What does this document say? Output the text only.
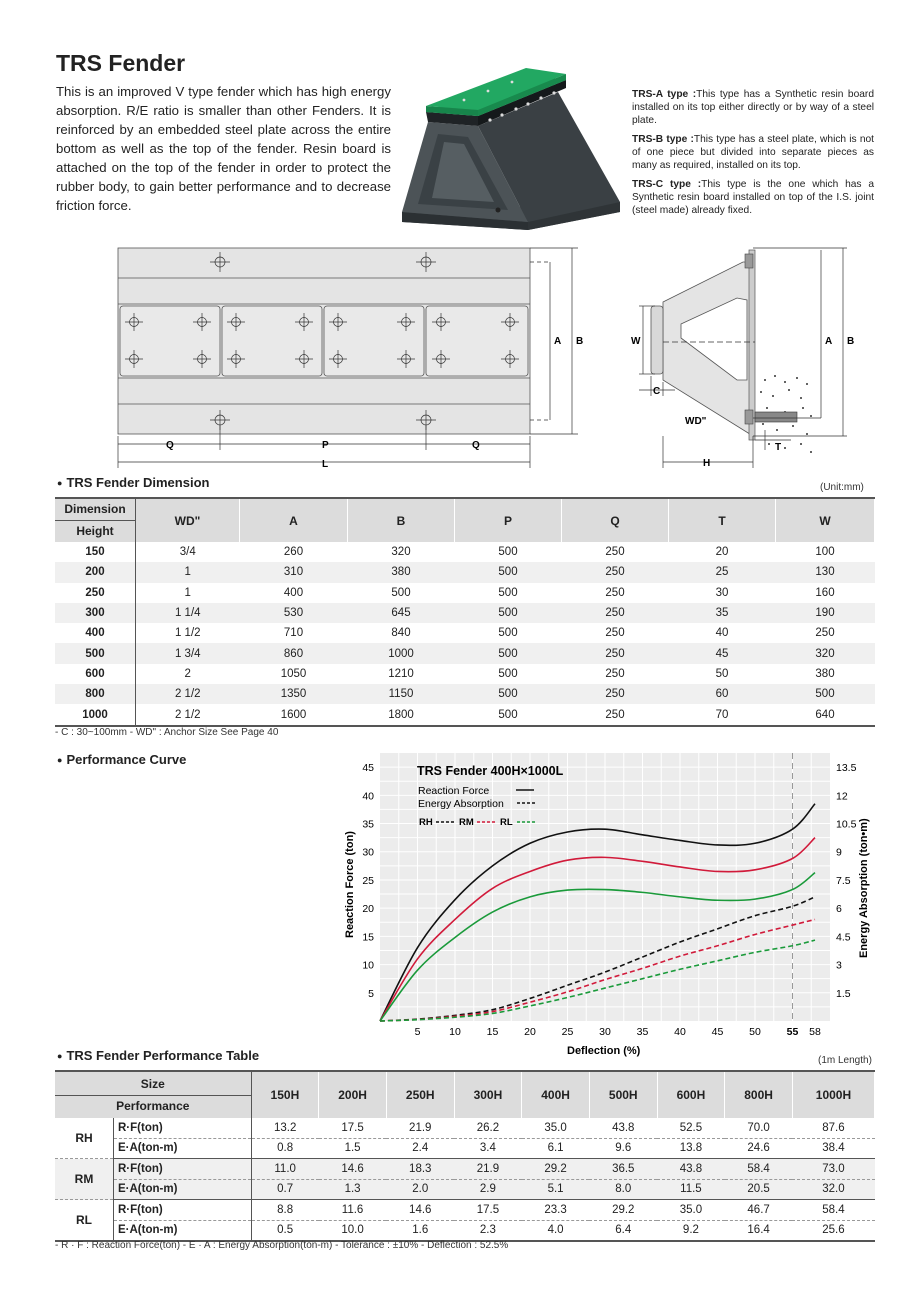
TRS Fender
This is an improved V type fender which has high energy absorption. R/E ratio is smaller than other Fenders. It is reinforced by an embedded steel plate across the entire bottom as well as the top of the fender. Resin board is attached on the top of the fender in order to protect the rubber body, to gain better performance and to decrease friction force.

TRS-A type :This type has a Synthetic resin board installed on its top either directly or by way of a steel plate.

TRS-B type :This type has a steel plate, which is not of one piece but divided into separate pieces as many as required, installed on its top.

TRS-C type :This type is the one which has a Synthetic resin board installed on top of the I.S. joint (steel made) already fixed.

A B
Q	P	Q
L
A B
W
C
WD"
T
H
● TRS Fender Dimension	(Unit:mm)
Dimension
Height	WD"	A	B	P	Q	T	W
150	3/4	260	320	500	250	20	100
200	1	310	380	500	250	25	130
250	1	400	500	500	250	30	160
300	1 1/4	530	645	500	250	35	190
400	1 1/2	710	840	500	250	40	250
500	1 3/4	860	1000	500	250	45	320
600	2	1050	1210	500	250	50	380
800	2 1/2	1350	1150	500	250	60	500
1000	2 1/2	1600	1800	500	250	70	640
- C : 30~100mm - WD" : Anchor Size See Page 40
● Performance Curve
5	10 15 20 25 30 35 40 45 50 55 58
5
10
15
20
25
30
35
40
45
1.5
3
4.5
6
7.5
9
10.5
12
13.5
TRS Fender 400H×1000L
Reaction Force
Energy Absorption
RH	RM	RL
Deflection (%)
Reaction Force (ton)	Energy Absorption (ton•m)
● TRS Fender Performance Table	(1m Length)
Size
Performance		150H	200H	250H	300H	400H	500H	600H	800H	1000H
RH	R·F(ton)	13.2	17.5	21.9	26.2	35.0	43.8	52.5	70.0	87.6
	E·A(ton-m)	0.8	1.5	2.4	3.4	6.1	9.6	13.8	24.6	38.4
RM	R·F(ton)	11.0	14.6	18.3	21.9	29.2	36.5	43.8	58.4	73.0
	E·A(ton-m)	0.7	1.3	2.0	2.9	5.1	8.0	11.5	20.5	32.0
RL	R·F(ton)	8.8	11.6	14.6	17.5	23.3	29.2	35.0	46.7	58.4
	E·A(ton-m)	0.5	10.0	1.6	2.3	4.0	6.4	9.2	16.4	25.6
- R · F : Reaction Force(ton) - E · A : Energy Absorption(ton-m) - Tolerance : ±10% - Deflection : 52.5%
